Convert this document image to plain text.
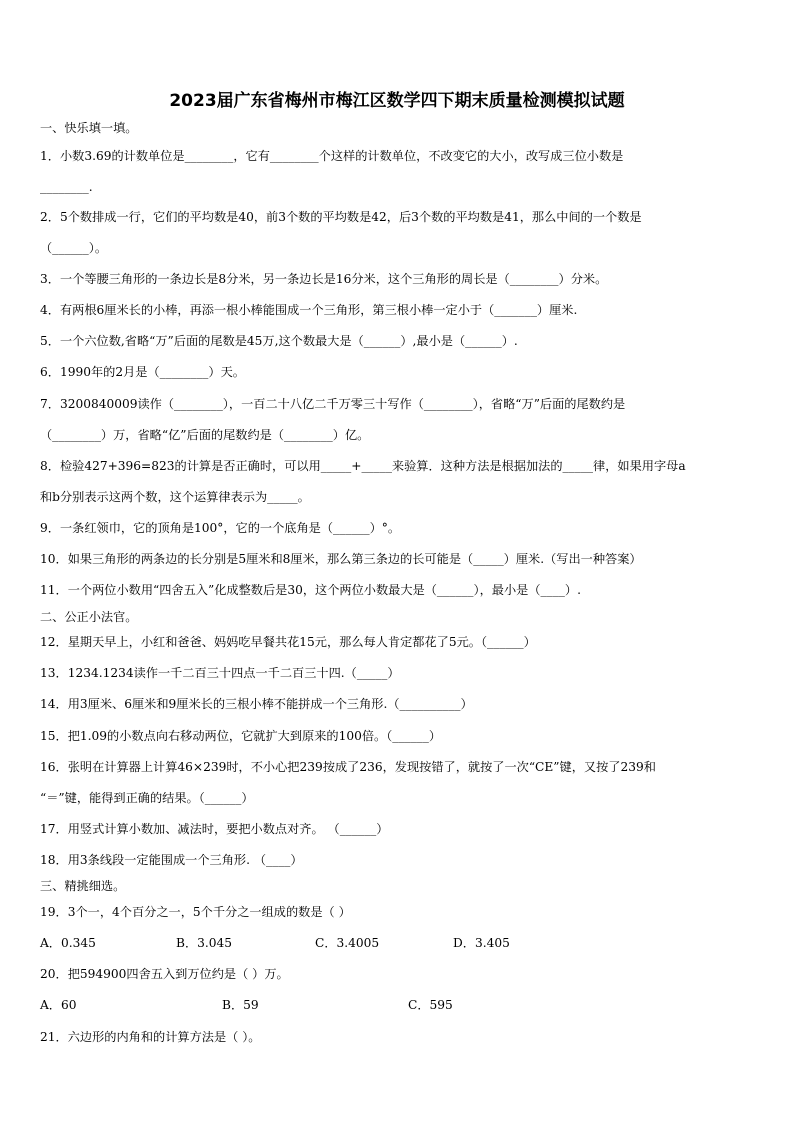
2023届广东省梅州市梅江区数学四下期末质量检测模拟试题
一、快乐填一填。
1．小数3.69的计数单位是________，它有________个这样的计数单位，不改变它的大小，改写成三位小数是
________.
2．5个数排成一行，它们的平均数是40，前3个数的平均数是42，后3个数的平均数是41，那么中间的一个数是
（______）。
3．一个等腰三角形的一条边长是8分米，另一条边长是16分米，这个三角形的周长是（________）分米。
4．有两根6厘米长的小棒，再添一根小棒能围成一个三角形，第三根小棒一定小于（_______）厘米.
5．一个六位数,省略“万”后面的尾数是45万,这个数最大是（______）,最小是（______）.
6．1990年的2月是（________）天。
7．3200840009读作（________），一百二十八亿二千万零三十写作（________），省略“万”后面的尾数约是
（________）万，省略“亿”后面的尾数约是（________）亿。
8．检验427+396=823的计算是否正确时，可以用_____+_____来验算．这种方法是根据加法的_____律，如果用字母a
和b分别表示这两个数，这个运算律表示为_____。
9．一条红领巾，它的顶角是100°，它的一个底角是（______）°。
10．如果三角形的两条边的长分别是5厘米和8厘米，那么第三条边的长可能是（_____）厘米.（写出一种答案）
11．一个两位小数用“四舍五入”化成整数后是30，这个两位小数最大是（______），最小是（____）.
二、公正小法官。
12．星期天早上，小红和爸爸、妈妈吃早餐共花15元，那么每人肯定都花了5元。（______）
13．1234.1234读作一千二百三十四点一千二百三十四.（_____）
14．用3厘米、6厘米和9厘米长的三根小棒不能拼成一个三角形.（__________）
15．把1.09的小数点向右移动两位，它就扩大到原来的100倍。（______）
16．张明在计算器上计算46×239时，不小心把239按成了236，发现按错了，就按了一次“CE”键，又按了239和
“＝”键，能得到正确的结果。（______）
17．用竖式计算小数加、减法时，要把小数点对齐。 （______）
18．用3条线段一定能围成一个三角形. （____）
三、精挑细选。
19．3个一，4个百分之一，5个千分之一组成的数是（ ）
A．0.345	B．3.045	C．3.4005	D．3.405
20．把594900四舍五入到万位约是（ ）万。
A．60	B．59	C．595
21．六边形的内角和的计算方法是（ ）。
